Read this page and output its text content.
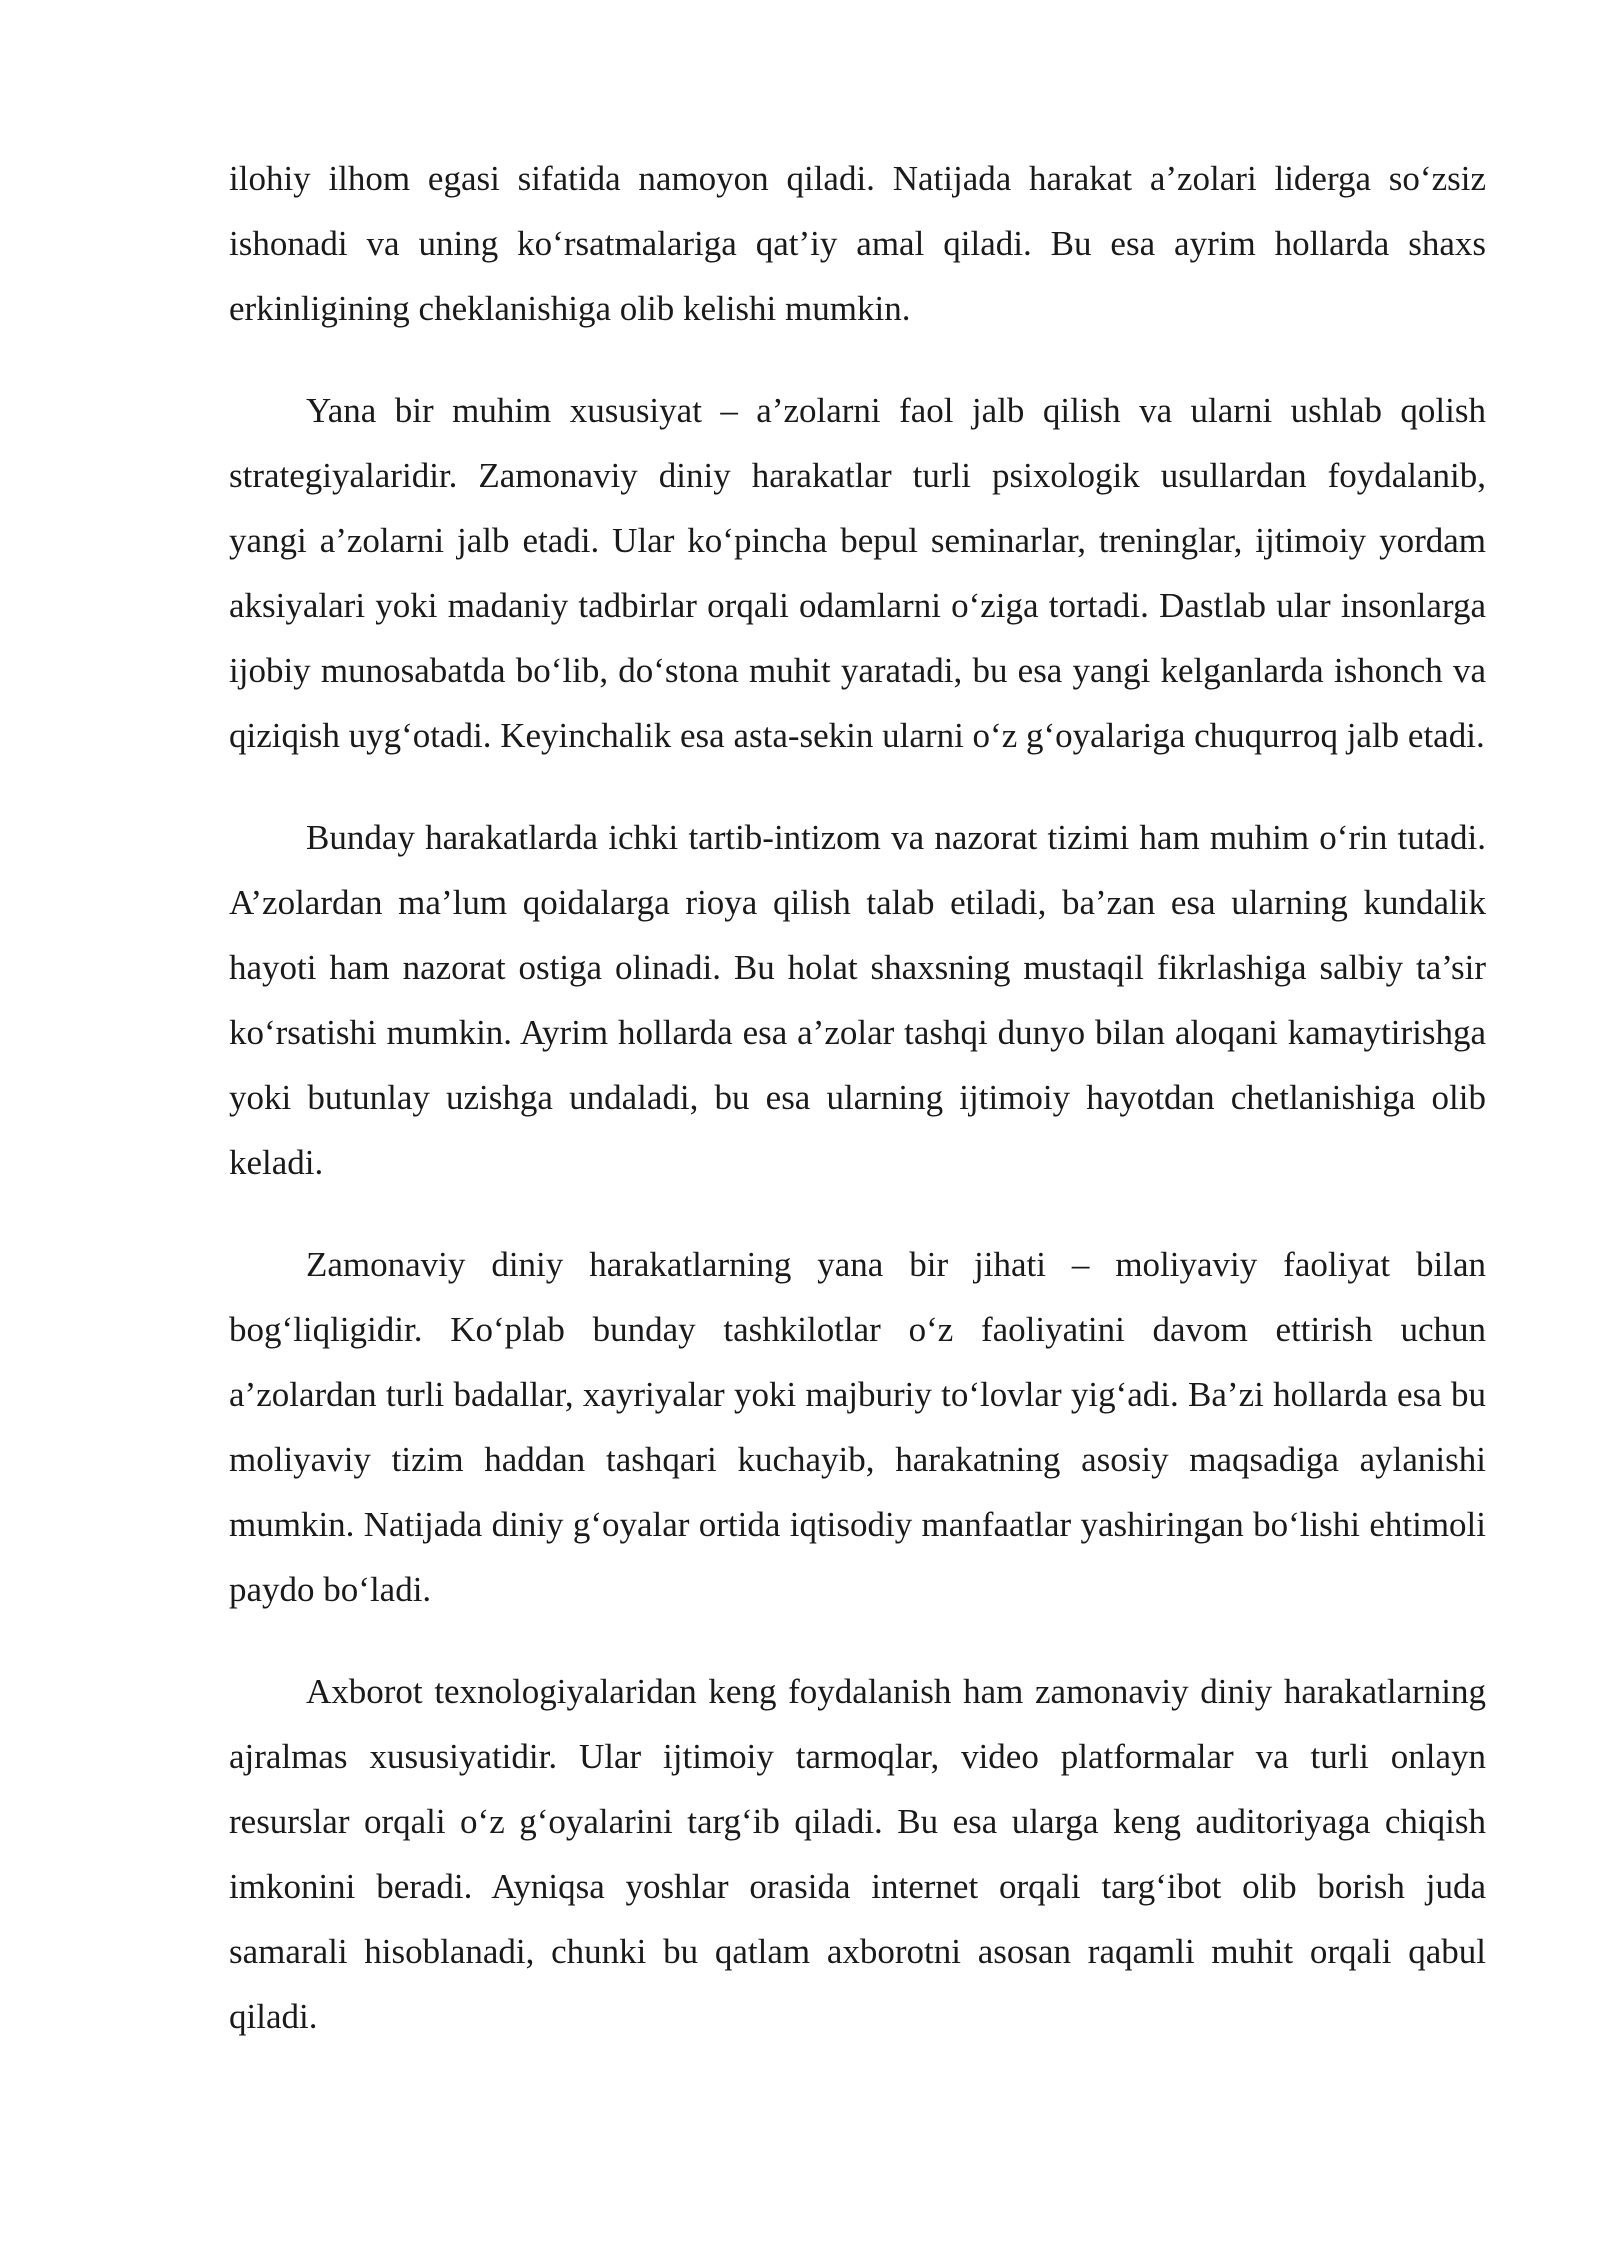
ilohiy ilhom egasi sifatida namoyon qiladi. Natijada harakat a’zolari liderga so‘zsiz ishonadi va uning ko‘rsatmalariga qat’iy amal qiladi. Bu esa ayrim hollarda shaxs erkinligining cheklanishiga olib kelishi mumkin.

Yana bir muhim xususiyat – a’zolarni faol jalb qilish va ularni ushlab qolish strategiyalaridir. Zamonaviy diniy harakatlar turli psixologik usullardan foydalanib, yangi a’zolarni jalb etadi. Ular ko‘pincha bepul seminarlar, treninglar, ijtimoiy yordam aksiyalari yoki madaniy tadbirlar orqali odamlarni o‘ziga tortadi. Dastlab ular insonlarga ijobiy munosabatda bo‘lib, do‘stona muhit yaratadi, bu esa yangi kelganlarda ishonch va qiziqish uyg‘otadi. Keyinchalik esa asta-sekin ularni o‘z g‘oyalariga chuqurroq jalb etadi.

Bunday harakatlarda ichki tartib-intizom va nazorat tizimi ham muhim o‘rin tutadi. A’zolardan ma’lum qoidalarga rioya qilish talab etiladi, ba’zan esa ularning kundalik hayoti ham nazorat ostiga olinadi. Bu holat shaxsning mustaqil fikrlashiga salbiy ta’sir ko‘rsatishi mumkin. Ayrim hollarda esa a’zolar tashqi dunyo bilan aloqani kamaytirishga yoki butunlay uzishga undaladi, bu esa ularning ijtimoiy hayotdan chetlanishiga olib keladi.

Zamonaviy diniy harakatlarning yana bir jihati – moliyaviy faoliyat bilan bog‘liqligidir. Ko‘plab bunday tashkilotlar o‘z faoliyatini davom ettirish uchun a’zolardan turli badallar, xayriyalar yoki majburiy to‘lovlar yig‘adi. Ba’zi hollarda esa bu moliyaviy tizim haddan tashqari kuchayib, harakatning asosiy maqsadiga aylanishi mumkin. Natijada diniy g‘oyalar ortida iqtisodiy manfaatlar yashiringan bo‘lishi ehtimoli paydo bo‘ladi.

Axborot texnologiyalaridan keng foydalanish ham zamonaviy diniy harakatlarning ajralmas xususiyatidir. Ular ijtimoiy tarmoqlar, video platformalar va turli onlayn resurslar orqali o‘z g‘oyalarini targ‘ib qiladi. Bu esa ularga keng auditoriyaga chiqish imkonini beradi. Ayniqsa yoshlar orasida internet orqali targ‘ibot olib borish juda samarali hisoblanadi, chunki bu qatlam axborotni asosan raqamli muhit orqali qabul qiladi.
